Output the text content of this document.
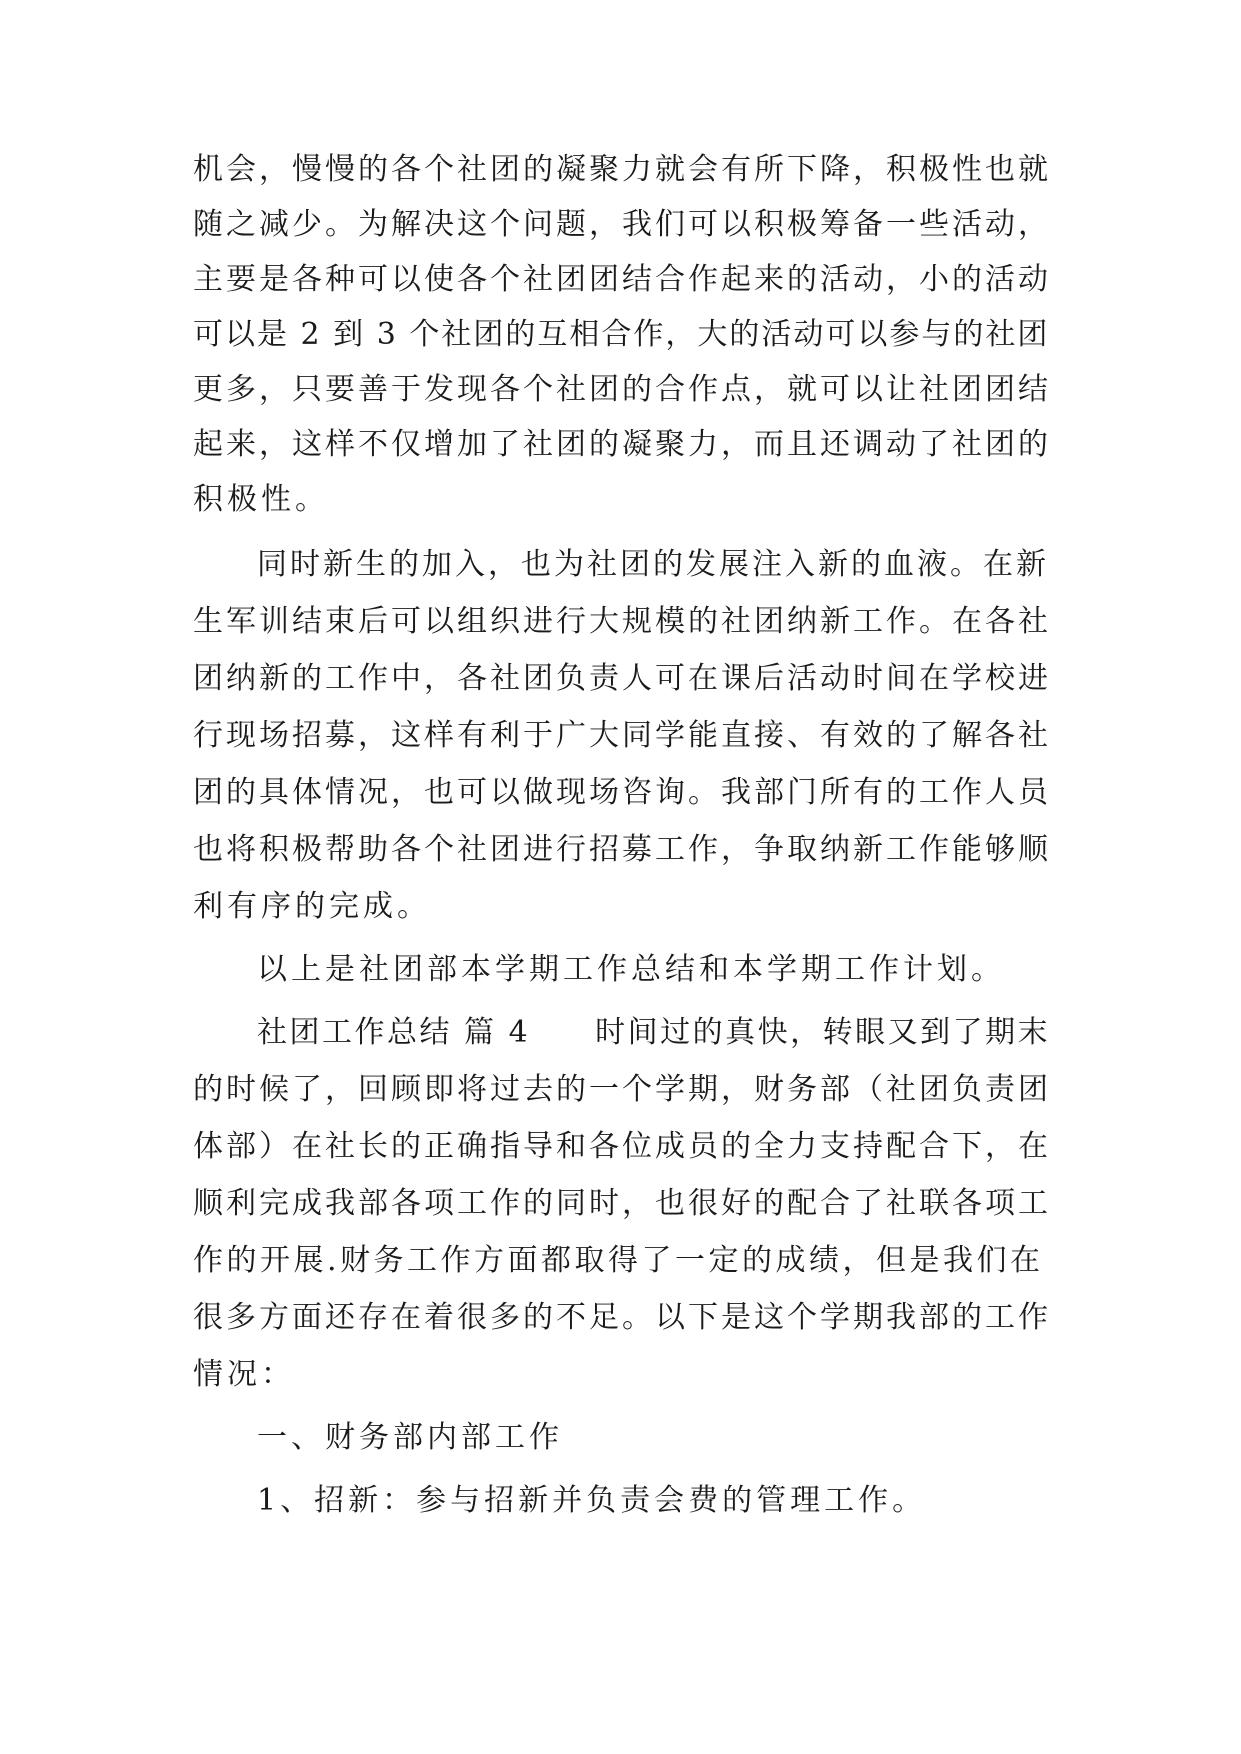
机会，慢慢的各个社团的凝聚力就会有所下降，积极性也就
随之减少。为解决这个问题，我们可以积极筹备一些活动，
主要是各种可以使各个社团团结合作起来的活动，小的活动
可以是 2 到 3 个社团的互相合作，大的活动可以参与的社团
更多，只要善于发现各个社团的合作点，就可以让社团团结
起来，这样不仅增加了社团的凝聚力，而且还调动了社团的
积极性。
同时新生的加入，也为社团的发展注入新的血液。在新
生军训结束后可以组织进行大规模的社团纳新工作。在各社
团纳新的工作中，各社团负责人可在课后活动时间在学校进
行现场招募，这样有利于广大同学能直接、有效的了解各社
团的具体情况，也可以做现场咨询。我部门所有的工作人员
也将积极帮助各个社团进行招募工作，争取纳新工作能够顺
利有序的完成。
以上是社团部本学期工作总结和本学期工作计划。
社团工作总结 篇 4　　时间过的真快，转眼又到了期末
的时候了，回顾即将过去的一个学期，财务部（社团负责团
体部）在社长的正确指导和各位成员的全力支持配合下，在
顺利完成我部各项工作的同时，也很好的配合了社联各项工
作的开展.财务工作方面都取得了一定的成绩，但是我们在
很多方面还存在着很多的不足。以下是这个学期我部的工作
情况：
一、财务部内部工作
1、招新：参与招新并负责会费的管理工作。
